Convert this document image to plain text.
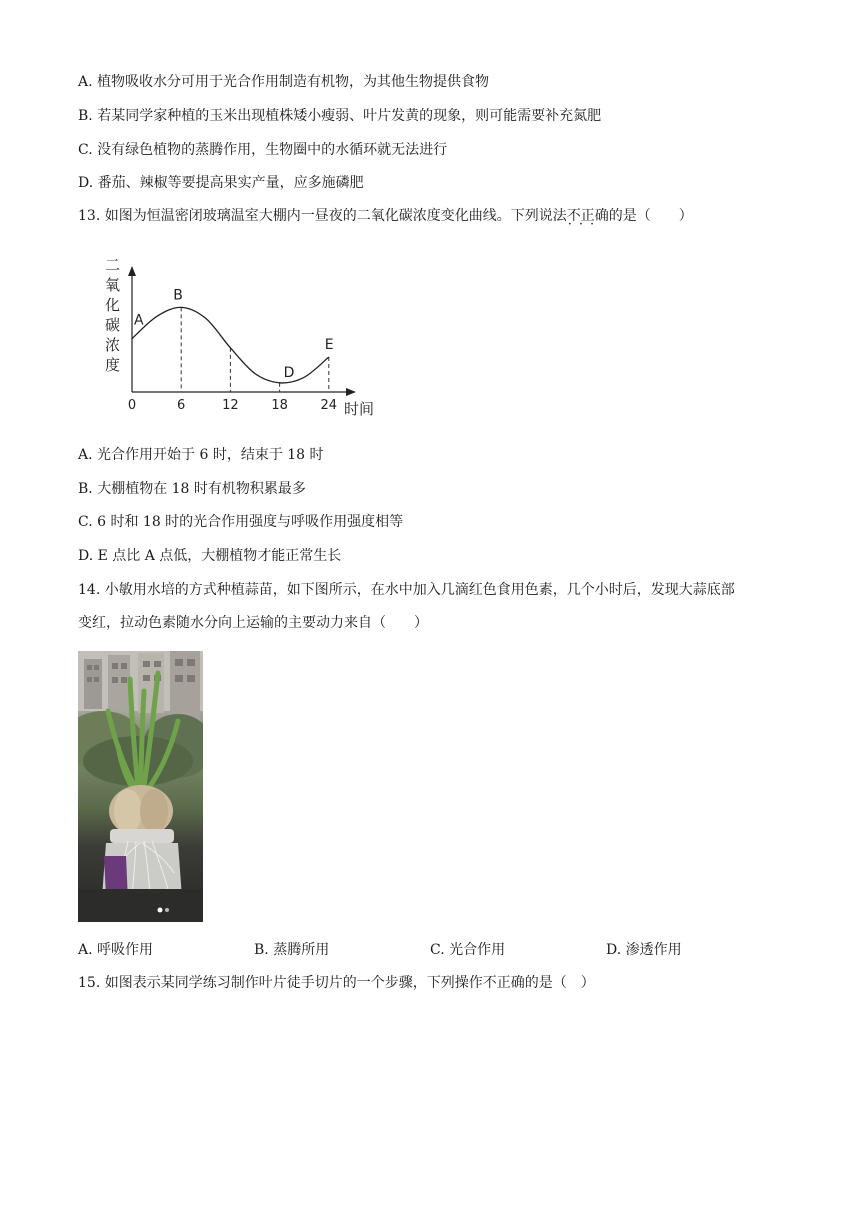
A. 植物吸收水分可用于光合作用制造有机物，为其他生物提供食物
B. 若某同学家种植的玉米出现植株矮小瘦弱、叶片发黄的现象，则可能需要补充氮肥
C. 没有绿色植物的蒸腾作用，生物圈中的水循环就无法进行
D. 番茄、辣椒等要提高果实产量，应多施磷肥
13. 如图为恒温密闭玻璃温室大棚内一昼夜的二氧化碳浓度变化曲线。下列说法不正确 ···的是（　　）
二
氧
化
碳
浓
度
时间
A
B
D
E
0	6	12	18	24
A. 光合作用开始于 6 时，结束于 18 时
B. 大棚植物在 18 时有机物积累最多
C. 6 时和 18 时的光合作用强度与呼吸作用强度相等
D. E 点比 A 点低，大棚植物才能正常生长
14. 小敏用水培的方式种植蒜苗，如下图所示，在水中加入几滴红色食用色素，几个小时后，发现大蒜底部
变红，拉动色素随水分向上运输的主要动力来自（　　）
A. 呼吸作用	B. 蒸腾所用	C. 光合作用	D. 渗透作用
15. 如图表示某同学练习制作叶片徒手切片的一个步骤，下列操作不正确的是（　）
